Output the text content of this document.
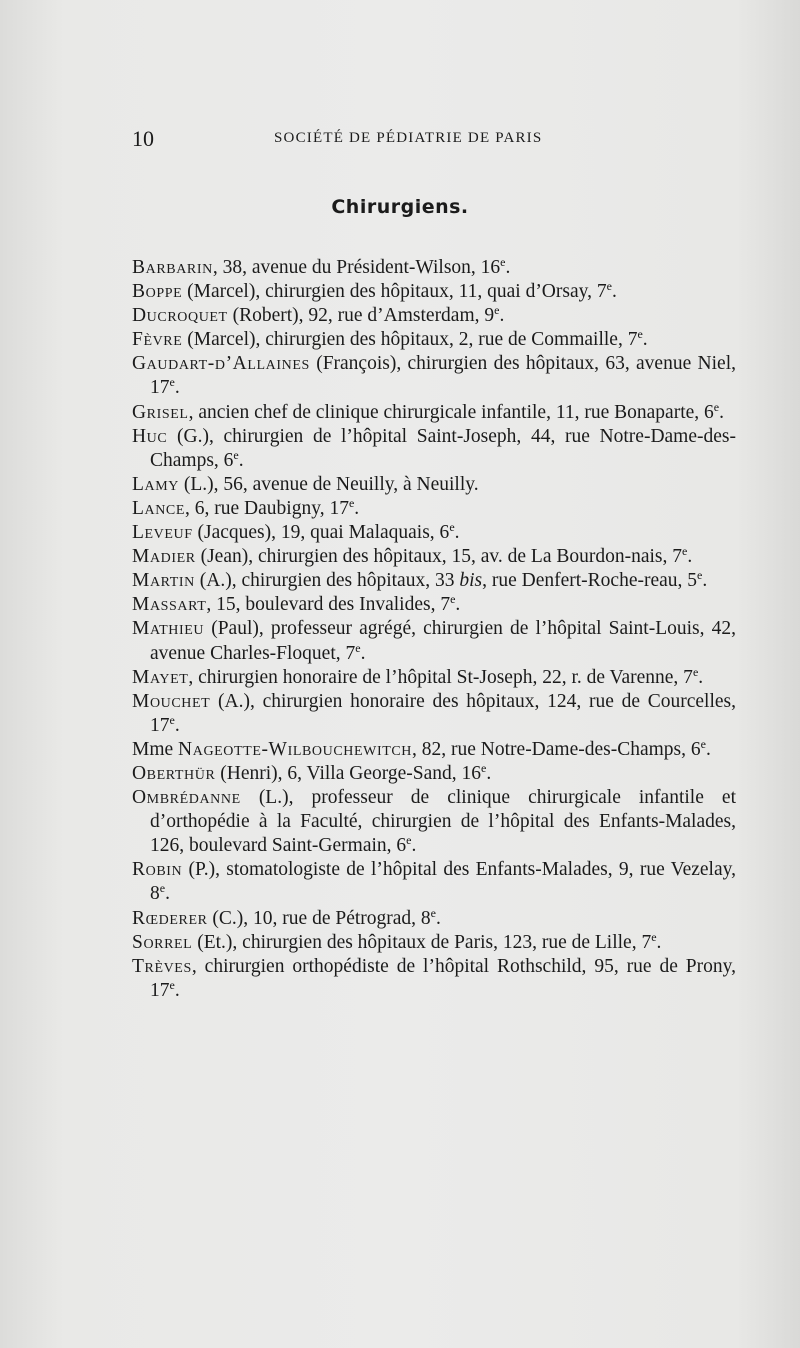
10	SOCIÉTÉ DE PÉDIATRIE DE PARIS
Chirurgiens.
Barbarin, 38, avenue du Président-Wilson, 16e.
Boppe (Marcel), chirurgien des hôpitaux, 11, quai d’Orsay, 7e.
Ducroquet (Robert), 92, rue d’Amsterdam, 9e.
Fèvre (Marcel), chirurgien des hôpitaux, 2, rue de Commaille, 7e.
Gaudart-d’Allaines (François), chirurgien des hôpitaux, 63, avenue Niel, 17e.
Grisel, ancien chef de clinique chirurgicale infantile, 11, rue Bonaparte, 6e.
Huc (G.), chirurgien de l’hôpital Saint-Joseph, 44, rue Notre-Dame-des-Champs, 6e.
Lamy (L.), 56, avenue de Neuilly, à Neuilly.
Lance, 6, rue Daubigny, 17e.
Leveuf (Jacques), 19, quai Malaquais, 6e.
Madier (Jean), chirurgien des hôpitaux, 15, av. de La Bourdon-nais, 7e.
Martin (A.), chirurgien des hôpitaux, 33 bis, rue Denfert-Roche-reau, 5e.
Massart, 15, boulevard des Invalides, 7e.
Mathieu (Paul), professeur agrégé, chirurgien de l’hôpital Saint-Louis, 42, avenue Charles-Floquet, 7e.
Mayet, chirurgien honoraire de l’hôpital St-Joseph, 22, r. de Varenne, 7e.
Mouchet (A.), chirurgien honoraire des hôpitaux, 124, rue de Courcelles, 17e.
Mme Nageotte-Wilbouchewitch, 82, rue Notre-Dame-des-Champs, 6e.
Oberthür (Henri), 6, Villa George-Sand, 16e.
Ombrédanne (L.), professeur de clinique chirurgicale infantile et d’orthopédie à la Faculté, chirurgien de l’hôpital des Enfants-Malades, 126, boulevard Saint-Germain, 6e.
Robin (P.), stomatologiste de l’hôpital des Enfants-Malades, 9, rue Vezelay, 8e.
Rœderer (C.), 10, rue de Pétrograd, 8e.
Sorrel (Et.), chirurgien des hôpitaux de Paris, 123, rue de Lille, 7e.
Trèves, chirurgien orthopédiste de l’hôpital Rothschild, 95, rue de Prony, 17e.
